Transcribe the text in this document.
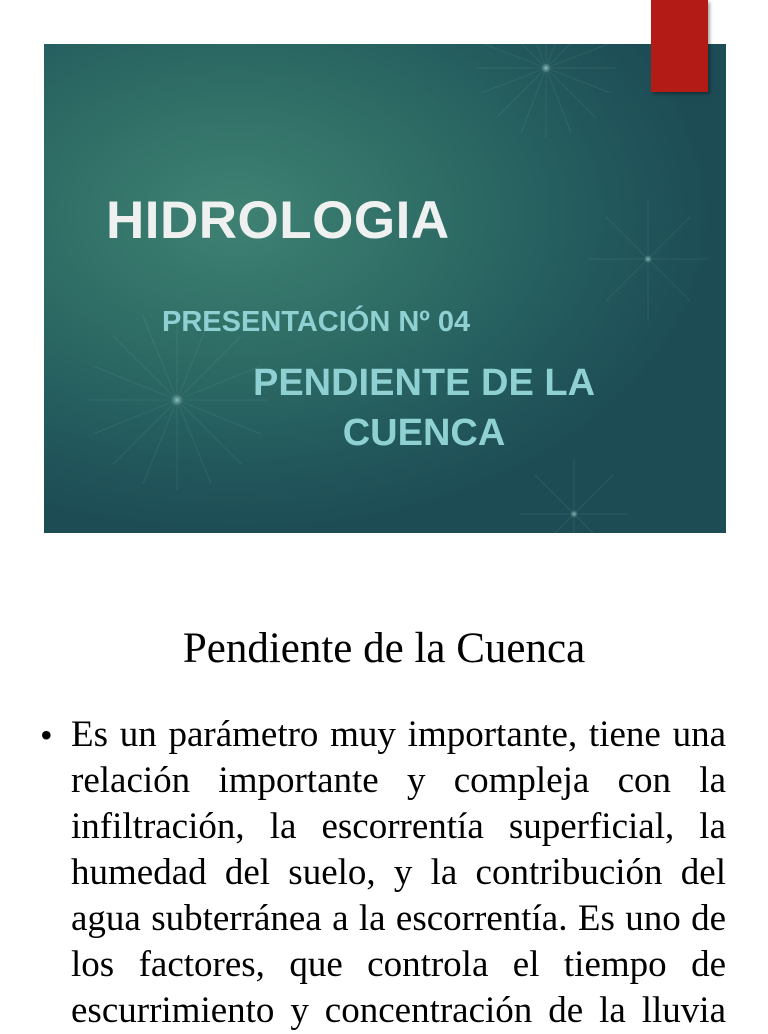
HIDROLOGIA
PRESENTACIÓN Nº 04
PENDIENTE DE LA CUENCA
Pendiente de la Cuenca
• Es un parámetro muy importante, tiene una relación importante y compleja con la infiltración, la escorrentía superficial, la humedad del suelo, y la contribución del agua subterránea a la escorrentía. Es uno de los factores, que controla el tiempo de escurrimiento y concentración de la lluvia
